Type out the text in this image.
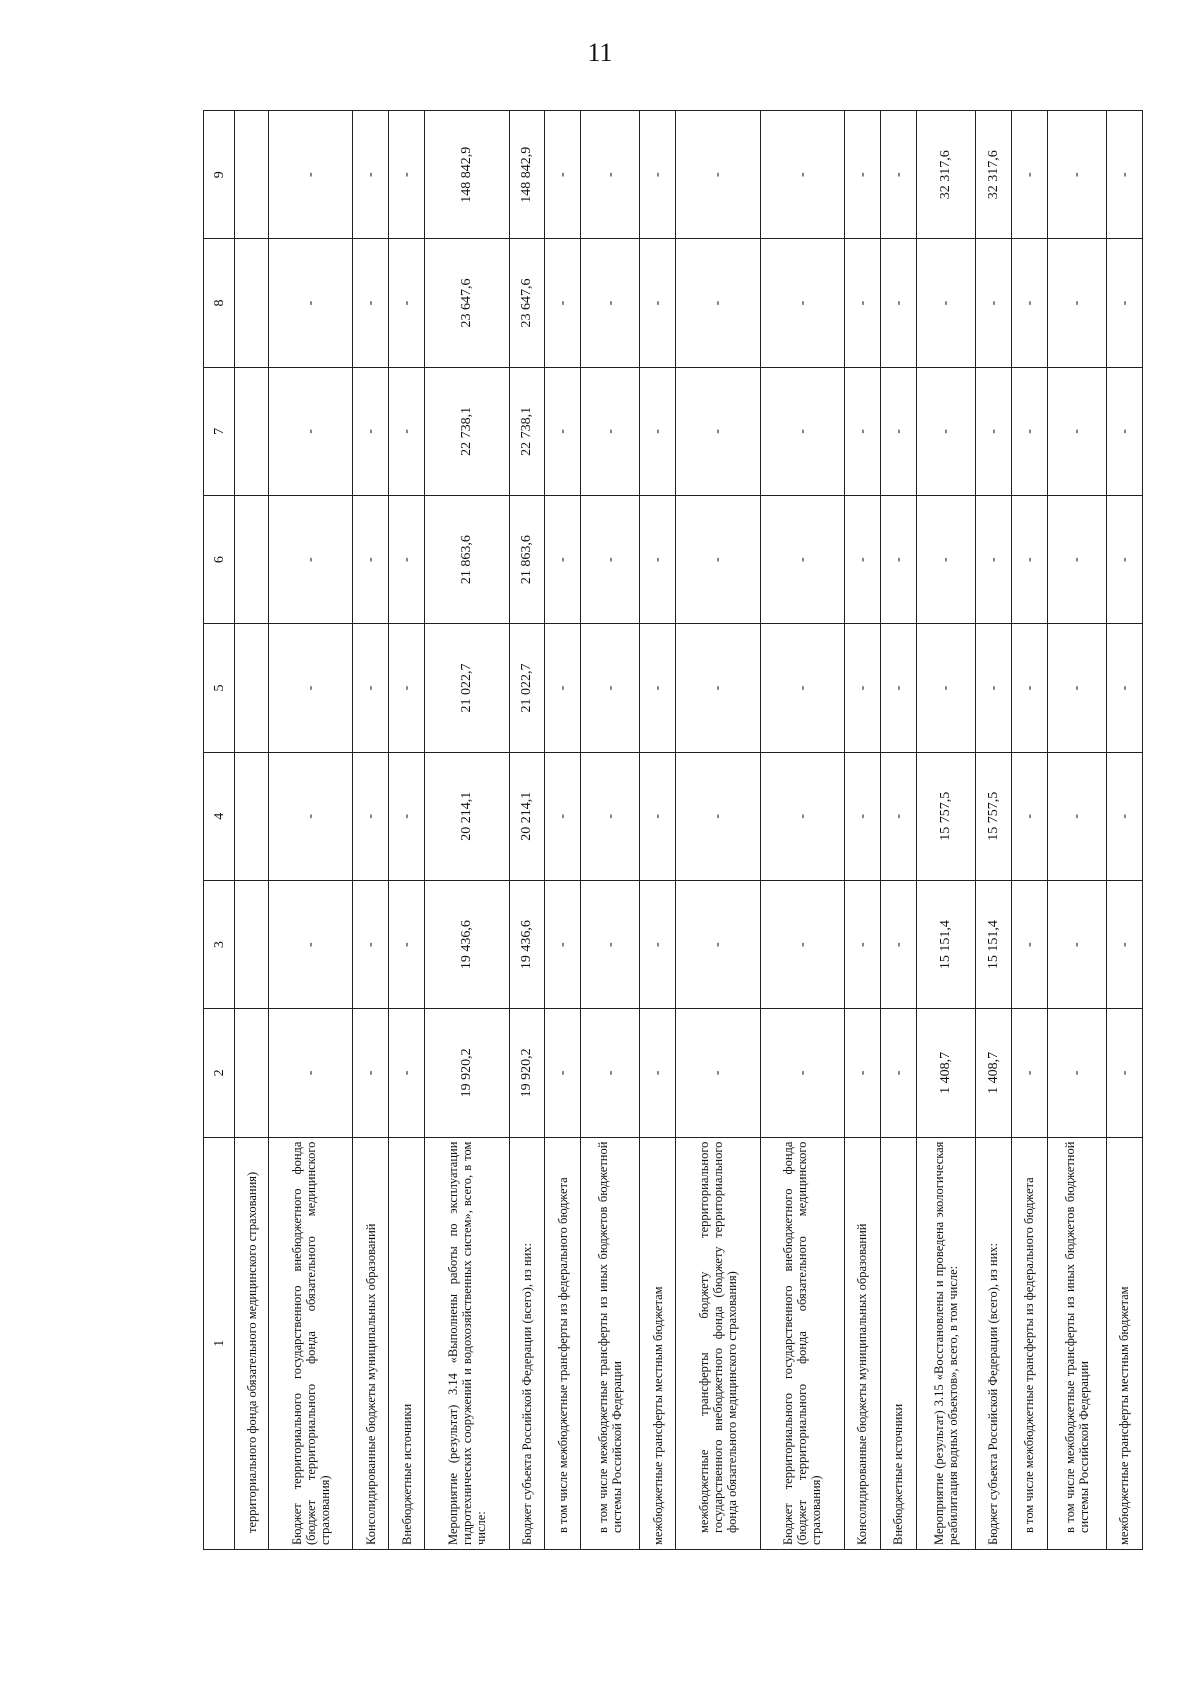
11
1	2	3	4	5	6	7	8	9
территориального фонда обязательного медицинского страхования)								
Бюджет территориального государственного внебюджетного фонда (бюджет территориального фонда обязательного медицинского страхования)	-	-	-	-	-	-	-	-
Консолидированные бюджеты муниципальных образований	-	-	-	-	-	-	-	-
Внебюджетные источники	-	-	-	-	-	-	-	-
Мероприятие (результат) 3.14 «Выполнены работы по эксплуатации гидротехнических сооружений и водохозяйственных систем», всего, в том числе:	19 920,2	19 436,6	20 214,1	21 022,7	21 863,6	22 738,1	23 647,6	148 842,9
Бюджет субъекта Российской Федерации (всего), из них:	19 920,2	19 436,6	20 214,1	21 022,7	21 863,6	22 738,1	23 647,6	148 842,9
в том числе межбюджетные трансферты из федерального бюджета	-	-	-	-	-	-	-	-
в том числе межбюджетные трансферты из иных бюджетов бюджетной системы Российской Федерации	-	-	-	-	-	-	-	-
межбюджетные трансферты местным бюджетам	-	-	-	-	-	-	-	-
межбюджетные трансферты бюджету территориального государственного внебюджетного фонда (бюджету территориального фонда обязательного медицинского страхования)	-	-	-	-	-	-	-	-
Бюджет территориального государственного внебюджетного фонда (бюджет территориального фонда обязательного медицинского страхования)	-	-	-	-	-	-	-	-
Консолидированные бюджеты муниципальных образований	-	-	-	-	-	-	-	-
Внебюджетные источники	-	-	-	-	-	-	-	-
Мероприятие (результат) 3.15 «Восстановлены и проведена экологическая реабилитация водных объектов», всего, в том числе:	1 408,7	15 151,4	15 757,5	-	-	-	-	32 317,6
Бюджет субъекта Российской Федерации (всего), из них:	1 408,7	15 151,4	15 757,5	-	-	-	-	32 317,6
в том числе межбюджетные трансферты из федерального бюджета	-	-	-	-	-	-	-	-
в том числе межбюджетные трансферты из иных бюджетов бюджетной системы Российской Федерации	-	-	-	-	-	-	-	-
межбюджетные трансферты местным бюджетам	-	-	-	-	-	-	-	-
